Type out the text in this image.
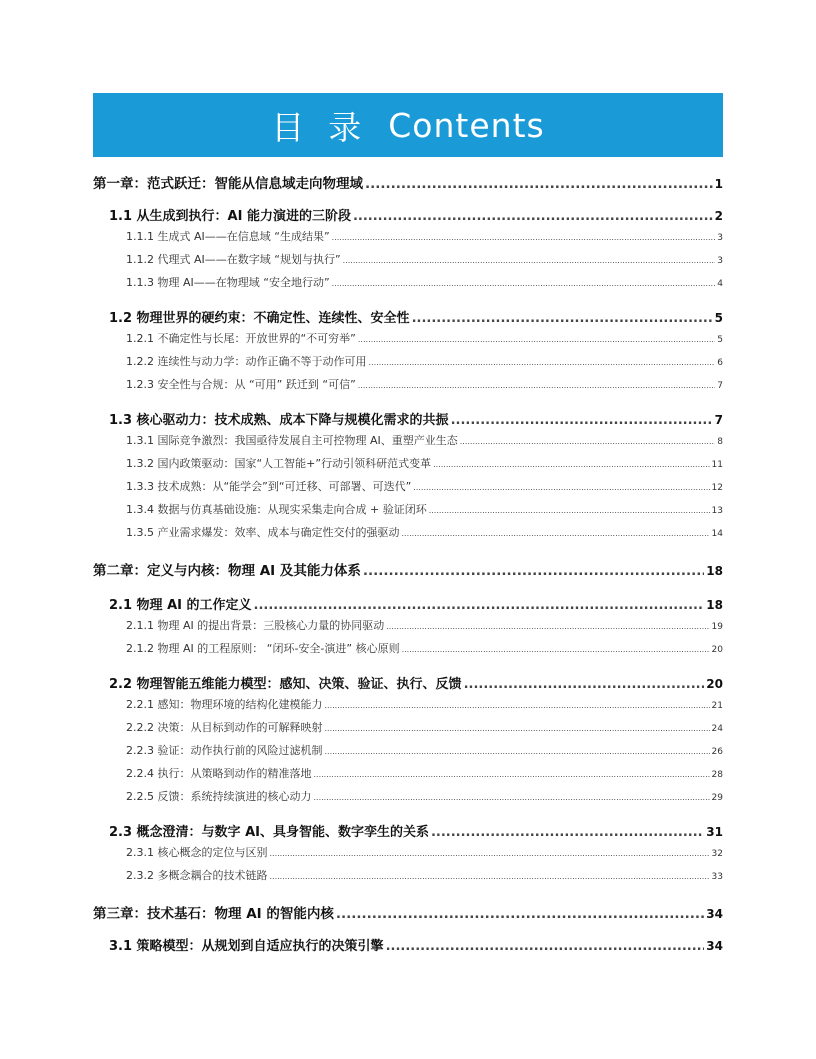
目  录 Contents
第一章：范式跃迁：智能从信息域走向物理域 .....	1
1.1 从生成到执行：AI 能力演进的三阶段 .....	2
1.1.1 生成式 AI——在信息域 “生成结果” .....	3
1.1.2 代理式 AI——在数字域 “规划与执行” .....	3
1.1.3 物理 AI——在物理域 “安全地行动” .....	4
1.2 物理世界的硬约束：不确定性、连续性、安全性 .....	5
1.2.1 不确定性与长尾：开放世界的“不可穷举” .....	5
1.2.2 连续性与动力学：动作正确不等于动作可用 .....	6
1.2.3 安全性与合规：从 “可用” 跃迁到 “可信” .....	7
1.3 核心驱动力：技术成熟、成本下降与规模化需求的共振 .....	7
1.3.1 国际竞争激烈：我国亟待发展自主可控物理 AI、重塑产业生态 .....	8
1.3.2 国内政策驱动：国家“人工智能+”行动引领科研范式变革 .....	11
1.3.3 技术成熟：从“能学会”到“可迁移、可部署、可迭代” .....	12
1.3.4 数据与仿真基础设施：从现实采集走向合成 + 验证闭环 .....	13
1.3.5 产业需求爆发：效率、成本与确定性交付的强驱动 .....	14
第二章：定义与内核：物理 AI 及其能力体系 .....	18
2.1 物理 AI 的工作定义 .....	18
2.1.1 物理 AI 的提出背景：三股核心力量的协同驱动 .....	19
2.1.2 物理 AI 的工程原则： “闭环-安全-演进” 核心原则 .....	20
2.2 物理智能五维能力模型：感知、决策、验证、执行、反馈 .....	20
2.2.1 感知：物理环境的结构化建模能力 .....	21
2.2.2 决策：从目标到动作的可解释映射 .....	24
2.2.3 验证：动作执行前的风险过滤机制 .....	26
2.2.4 执行：从策略到动作的精准落地 .....	28
2.2.5 反馈：系统持续演进的核心动力 .....	29
2.3 概念澄清：与数字 AI、具身智能、数字孪生的关系 .....	31
2.3.1 核心概念的定位与区别 .....	32
2.3.2 多概念耦合的技术链路 .....	33
第三章：技术基石：物理 AI 的智能内核 .....	34
3.1 策略模型：从规划到自适应执行的决策引擎 .....	34
